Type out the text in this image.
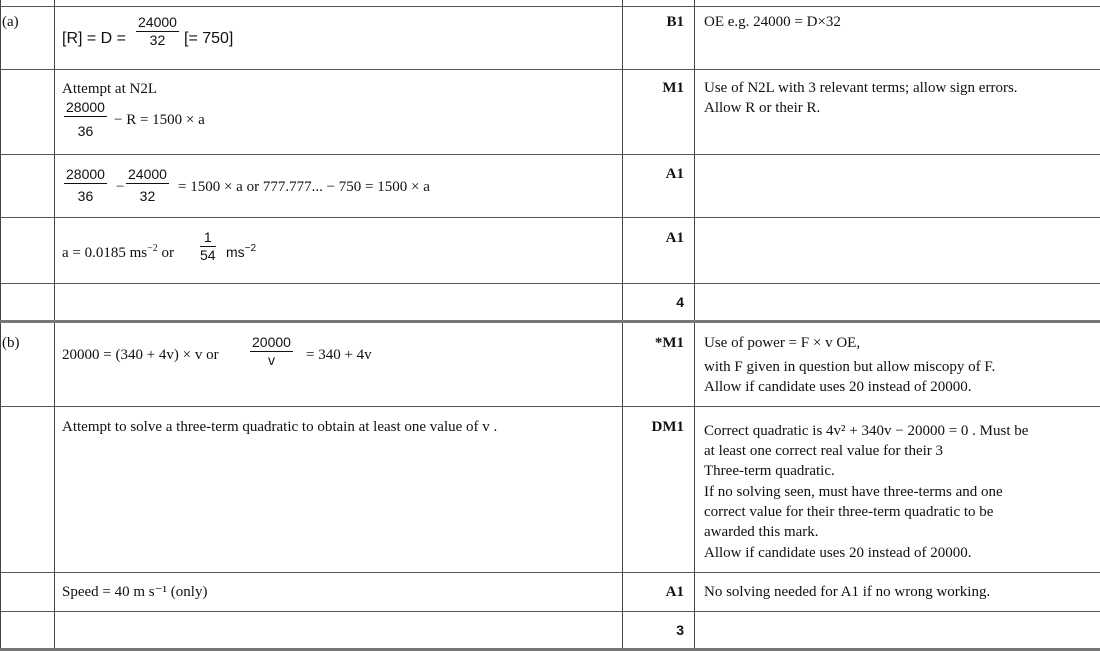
(a)
$[R] = D = \frac{24000}{32}$ [= 750]
B1 OE e.g. 24000 = D×32
Attempt at N2L
$\frac{28000}{36} - R = 1500 \times a$
M1 Use of N2L with 3 relevant terms; allow sign errors.
Allow R or their R.
$\frac{28000}{36} - \frac{24000}{32} = 1500 \times a$ or 777.777... − 750 = 1500 × a
A1
a = 0.0185 $ms^{-2}$ or $\frac{1}{54} ms^{-2}$
A1
4
(b)
20000 = (340 + 4v) × v or $\frac{20000}{v} = 340 + 4v$
*M1 Use of power = F × v OE,
with F given in question but allow miscopy of F.
Allow if candidate uses 20 instead of 20000.
Attempt to solve a three-term quadratic to obtain at least one value of v .	DM1 Correct quadratic is 4v² + 340v − 20000 = 0 . Must be
at least one correct real value for their 3
Three-term quadratic.
If no solving seen, must have three-terms and one
correct value for their three-term quadratic to be
awarded this mark.
Allow if candidate uses 20 instead of 20000.
Speed = 40 m s⁻¹ (only)	A1 No solving needed for A1 if no wrong working.
3
